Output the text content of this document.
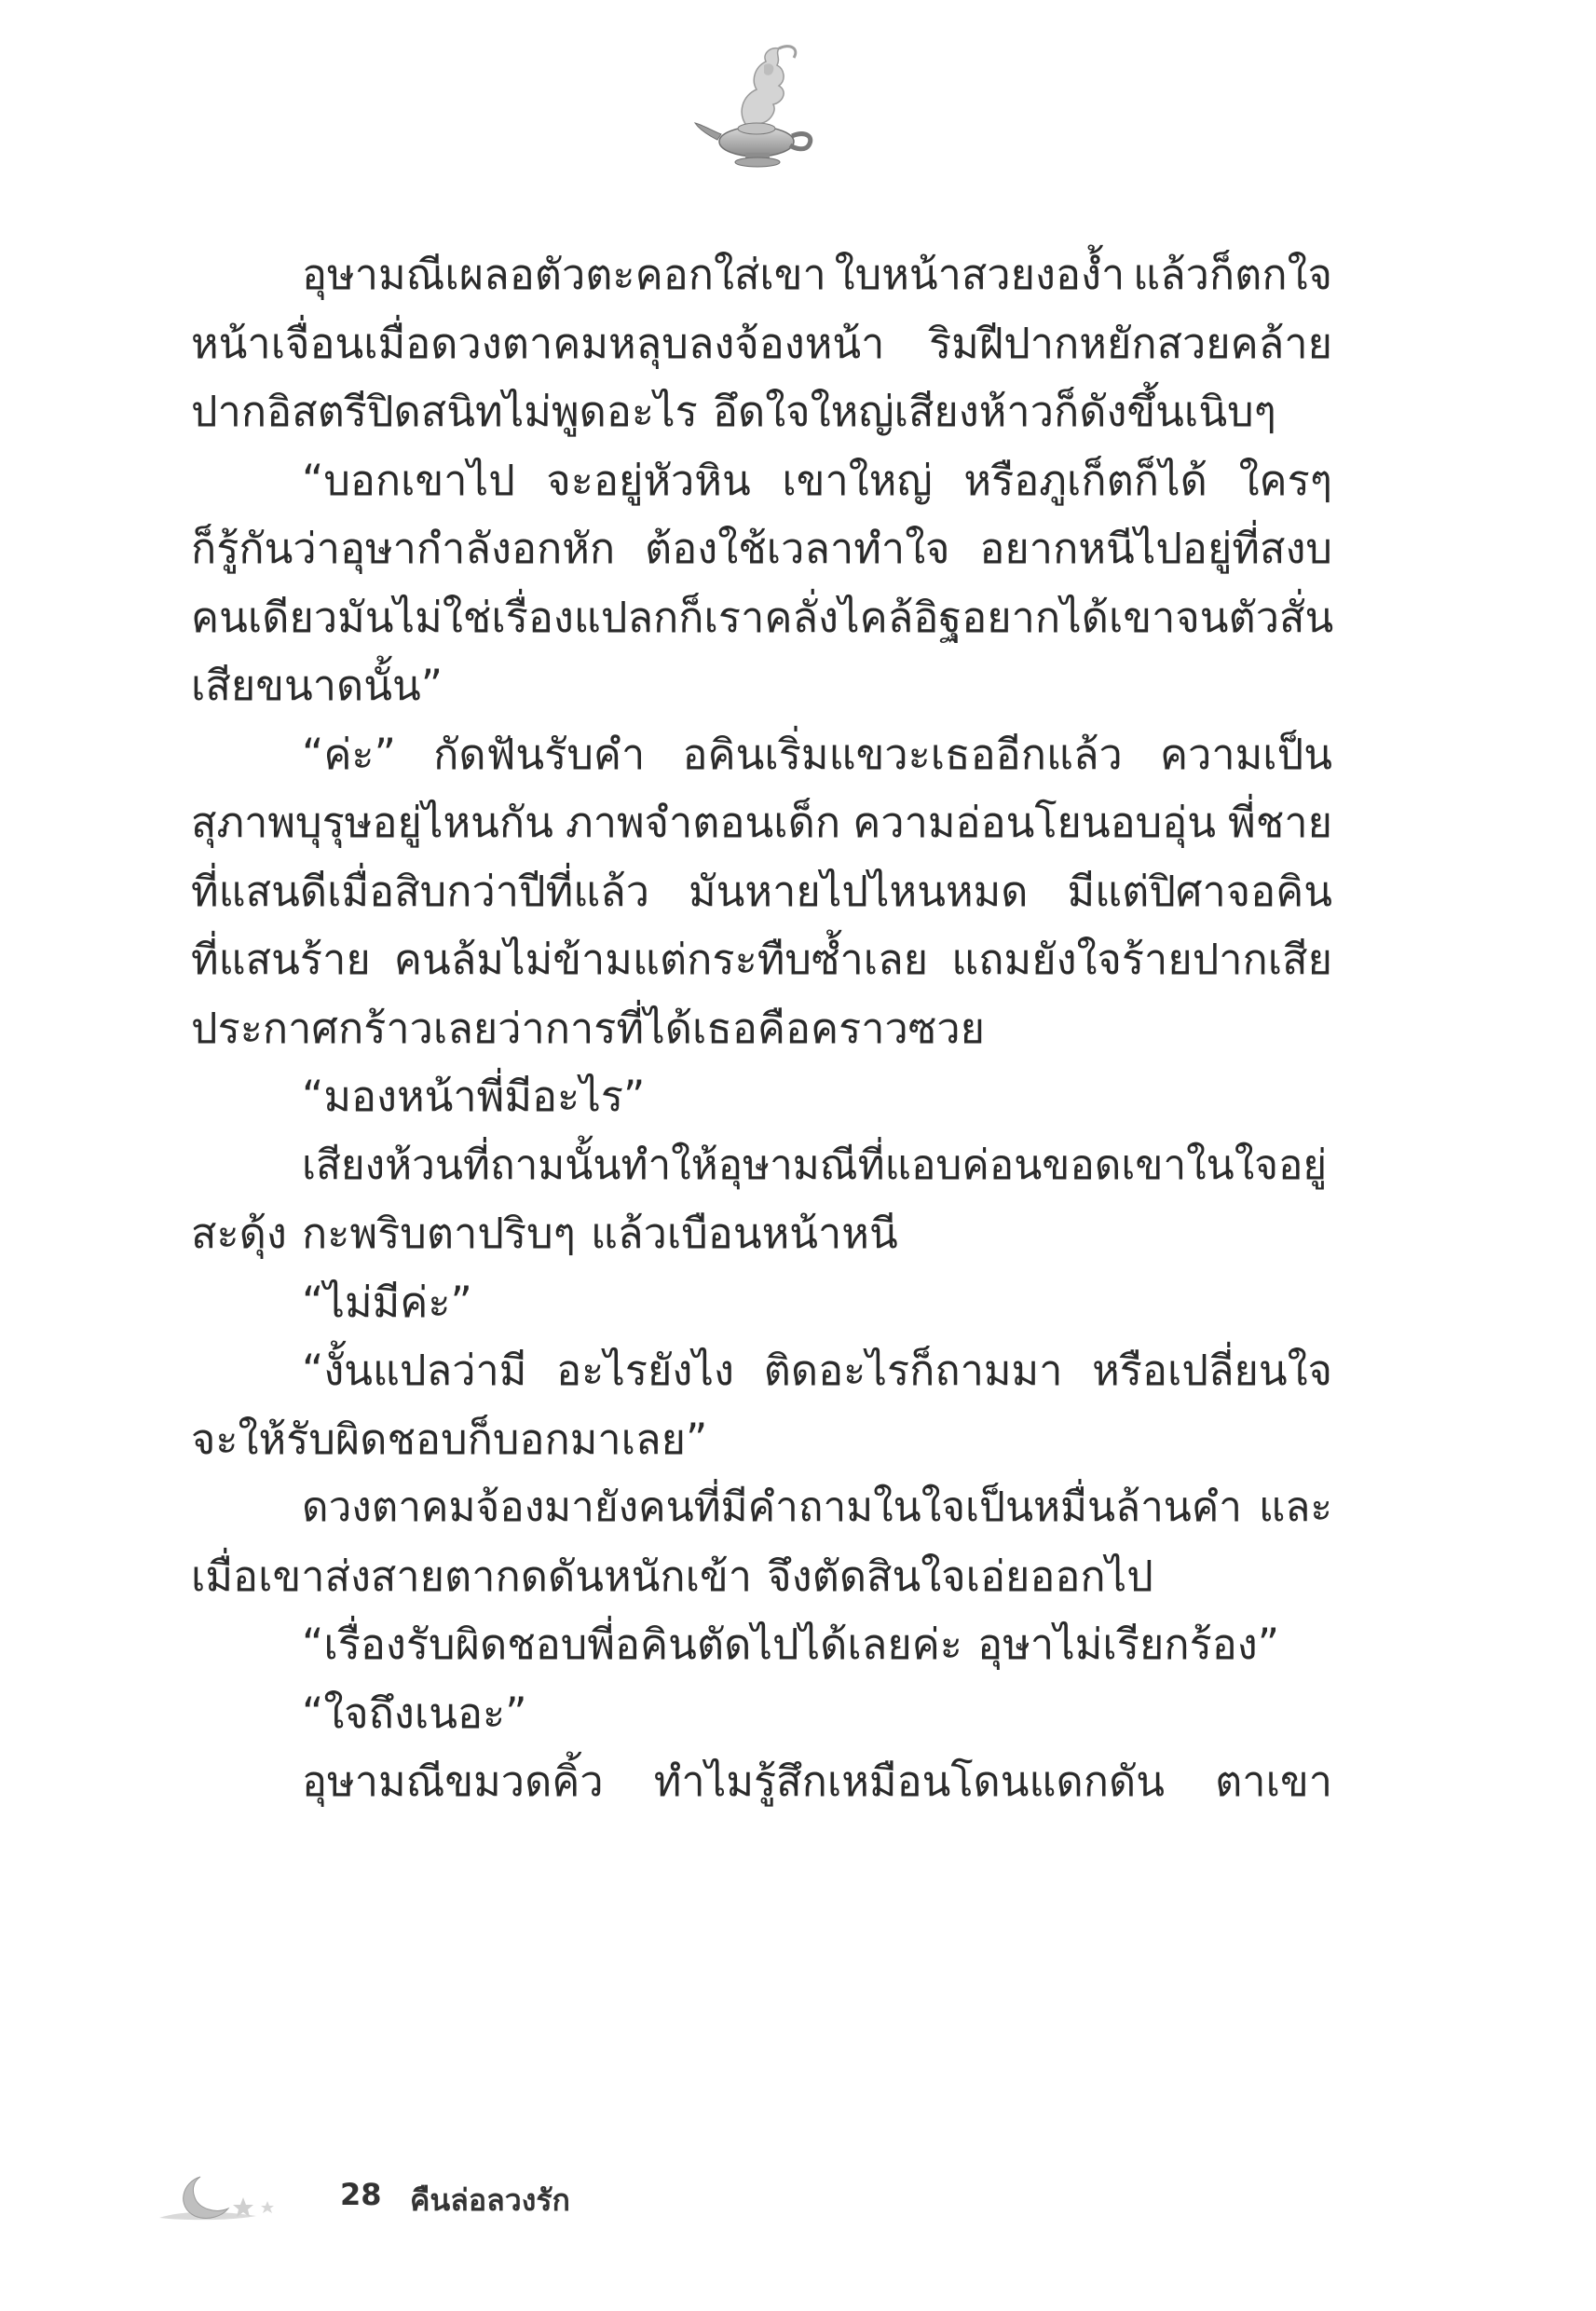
อุษามณีเผลอตัวตะคอกใส่เขา ใบหน้าสวยงอง้ำ แล้วก็ตกใจ
หน้าเจื่อนเมื่อดวงตาคมหลุบลงจ้องหน้า ริมฝีปากหยักสวยคล้าย
ปากอิสตรีปิดสนิทไม่พูดอะไร อึดใจใหญ่เสียงห้าวก็ดังขึ้นเนิบๆ
“บอกเขาไป จะอยู่หัวหิน เขาใหญ่ หรือภูเก็ตก็ได้ ใครๆ
ก็รู้กันว่าอุษากำลังอกหัก ต้องใช้เวลาทำใจ อยากหนีไปอยู่ที่สงบ
คนเดียว มันไม่ใช่เรื่องแปลก ก็เราคลั่งไคล้อิฐ อยากได้เขาจนตัวสั่น
เสียขนาดนั้น”
“ค่ะ” กัดฟันรับคำ อคินเริ่มแขวะเธออีกแล้ว ความเป็น
สุภาพบุรุษอยู่ไหนกัน ภาพจำตอนเด็ก ความอ่อนโยนอบอุ่น พี่ชาย
ที่แสนดีเมื่อสิบกว่าปีที่แล้ว มันหายไปไหนหมด มีแต่ปิศาจอคิน
ที่แสนร้าย คนล้มไม่ข้ามแต่กระทืบซ้ำเลย แถมยังใจร้ายปากเสีย
ประกาศกร้าวเลยว่าการที่ได้เธอคือคราวซวย
“มองหน้าพี่มีอะไร”
เสียงห้วนที่ถามนั้นทำให้อุษามณีที่แอบค่อนขอดเขาในใจอยู่
สะดุ้ง กะพริบตาปริบๆ แล้วเบือนหน้าหนี
“ไม่มีค่ะ”
“งั้นแปลว่ามี อะไรยังไง ติดอะไรก็ถามมา หรือเปลี่ยนใจ
จะให้รับผิดชอบก็บอกมาเลย”
ดวงตาคมจ้องมายังคนที่มีคำถามในใจเป็นหมื่นล้านคำ และ
เมื่อเขาส่งสายตากดดันหนักเข้า จึงตัดสินใจเอ่ยออกไป
“เรื่องรับผิดชอบพี่อคินตัดไปได้เลยค่ะ อุษาไม่เรียกร้อง”
“ใจถึงเนอะ”
อุษามณีขมวดคิ้ว ทำไมรู้สึกเหมือนโดนแดกดัน ตาเขา
28 คืนล่อลวงรัก
